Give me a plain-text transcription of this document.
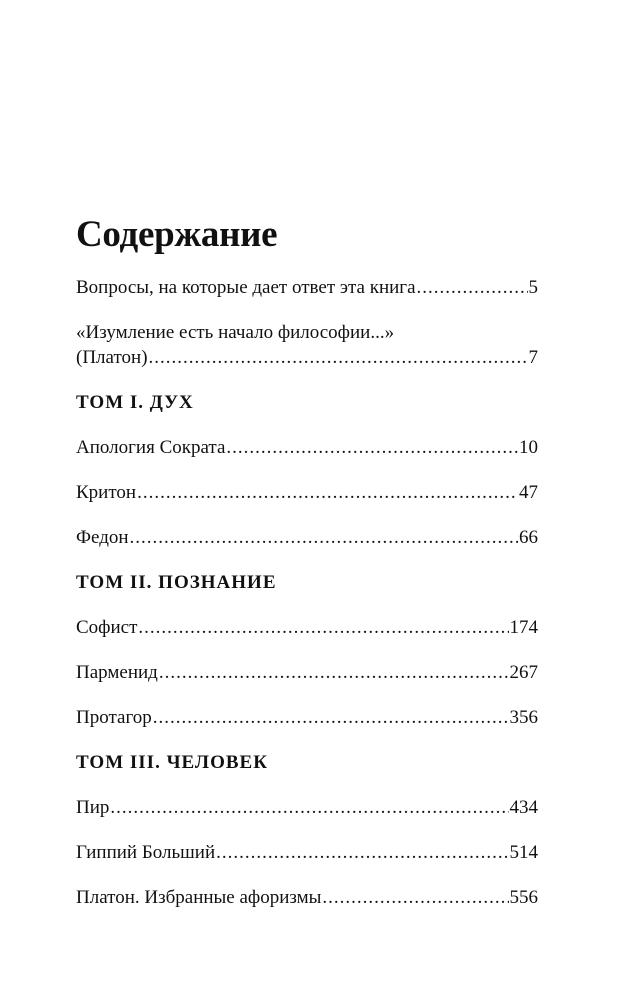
Содержание
Вопросы, на которые дает ответ эта книга .....	5
«Изумление есть начало философии...»
(Платон) .....	7
ТОМ I. ДУХ
Апология Сократа .....	10
Критон .....	47
Федон .....	66
ТОМ II. ПОЗНАНИЕ
Софист .....	174
Парменид .....	267
Протагор .....	356
ТОМ III. ЧЕЛОВЕК
Пир .....	434
Гиппий Больший .....	514
Платон. Избранные афоризмы .....	556
